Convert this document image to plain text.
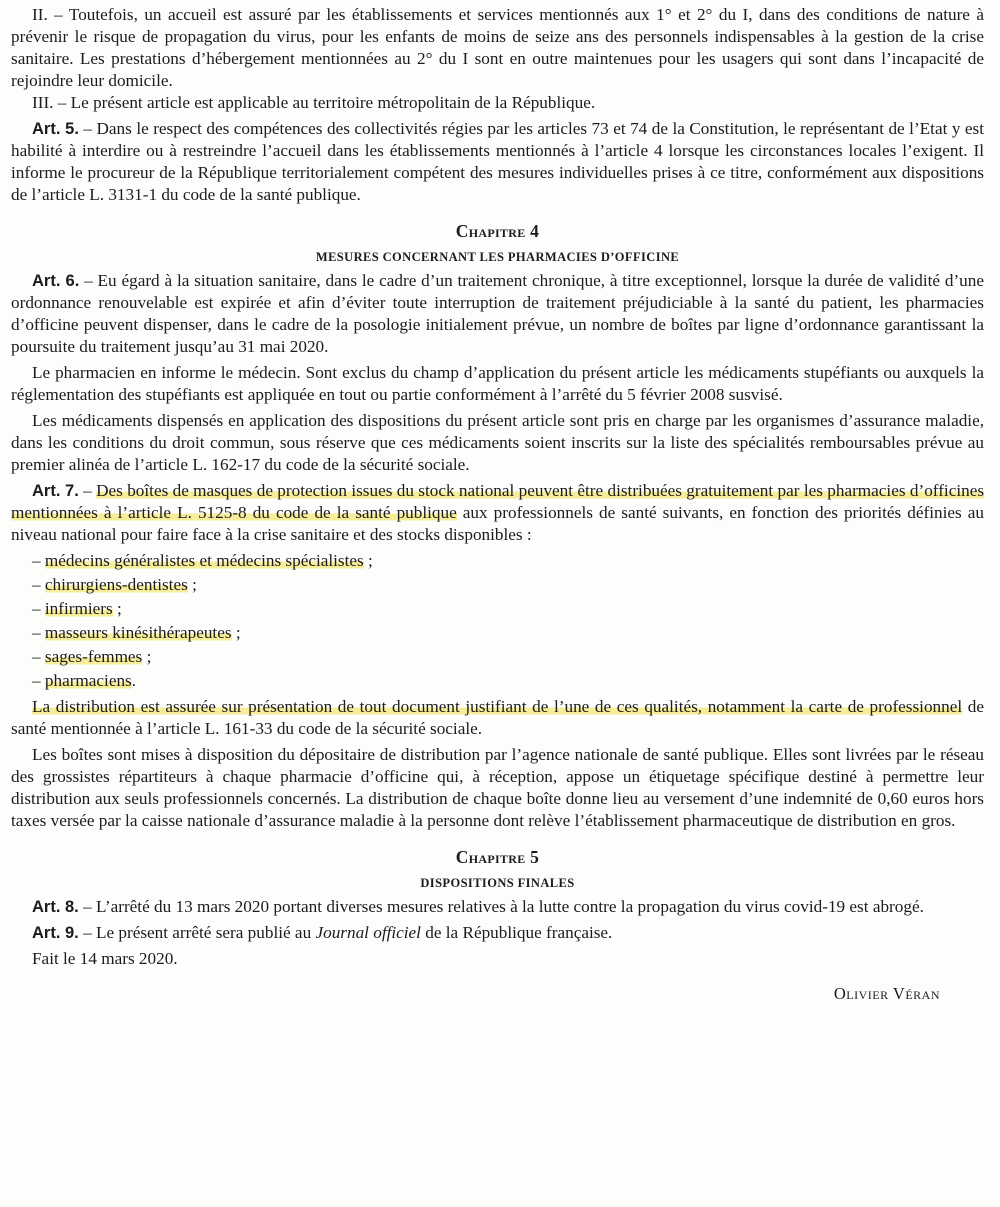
II. – Toutefois, un accueil est assuré par les établissements et services mentionnés aux 1° et 2° du I, dans des conditions de nature à prévenir le risque de propagation du virus, pour les enfants de moins de seize ans des personnels indispensables à la gestion de la crise sanitaire. Les prestations d’hébergement mentionnées au 2° du I sont en outre maintenues pour les usagers qui sont dans l’incapacité de rejoindre leur domicile.

III. – Le présent article est applicable au territoire métropolitain de la République.

Art. 5. – Dans le respect des compétences des collectivités régies par les articles 73 et 74 de la Constitution, le représentant de l’Etat y est habilité à interdire ou à restreindre l’accueil dans les établissements mentionnés à l’article 4 lorsque les circonstances locales l’exigent. Il informe le procureur de la République territorialement compétent des mesures individuelles prises à ce titre, conformément aux dispositions de l’article L. 3131-1 du code de la santé publique.

Chapitre 4
MESURES CONCERNANT LES PHARMACIES D’OFFICINE

Art. 6. – Eu égard à la situation sanitaire, dans le cadre d’un traitement chronique, à titre exceptionnel, lorsque la durée de validité d’une ordonnance renouvelable est expirée et afin d’éviter toute interruption de traitement préjudiciable à la santé du patient, les pharmacies d’officine peuvent dispenser, dans le cadre de la posologie initialement prévue, un nombre de boîtes par ligne d’ordonnance garantissant la poursuite du traitement jusqu’au 31 mai 2020.

Le pharmacien en informe le médecin. Sont exclus du champ d’application du présent article les médicaments stupéfiants ou auxquels la réglementation des stupéfiants est appliquée en tout ou partie conformément à l’arrêté du 5 février 2008 susvisé.

Les médicaments dispensés en application des dispositions du présent article sont pris en charge par les organismes d’assurance maladie, dans les conditions du droit commun, sous réserve que ces médicaments soient inscrits sur la liste des spécialités remboursables prévue au premier alinéa de l’article L. 162-17 du code de la sécurité sociale.

Art. 7. – Des boîtes de masques de protection issues du stock national peuvent être distribuées gratuitement par les pharmacies d’officines mentionnées à l’article L. 5125-8 du code de la santé publique aux professionnels de santé suivants, en fonction des priorités définies au niveau national pour faire face à la crise sanitaire et des stocks disponibles :

– médecins généralistes et médecins spécialistes ;
– chirurgiens-dentistes ;
– infirmiers ;
– masseurs kinésithérapeutes ;
– sages-femmes ;
– pharmaciens.

La distribution est assurée sur présentation de tout document justifiant de l’une de ces qualités, notamment la carte de professionnel de santé mentionnée à l’article L. 161-33 du code de la sécurité sociale.

Les boîtes sont mises à disposition du dépositaire de distribution par l’agence nationale de santé publique. Elles sont livrées par le réseau des grossistes répartiteurs à chaque pharmacie d’officine qui, à réception, appose un étiquetage spécifique destiné à permettre leur distribution aux seuls professionnels concernés. La distribution de chaque boîte donne lieu au versement d’une indemnité de 0,60 euros hors taxes versée par la caisse nationale d’assurance maladie à la personne dont relève l’établissement pharmaceutique de distribution en gros.

Chapitre 5
DISPOSITIONS FINALES

Art. 8. – L’arrêté du 13 mars 2020 portant diverses mesures relatives à la lutte contre la propagation du virus covid-19 est abrogé.

Art. 9. – Le présent arrêté sera publié au Journal officiel de la République française.

Fait le 14 mars 2020.

Olivier Véran
